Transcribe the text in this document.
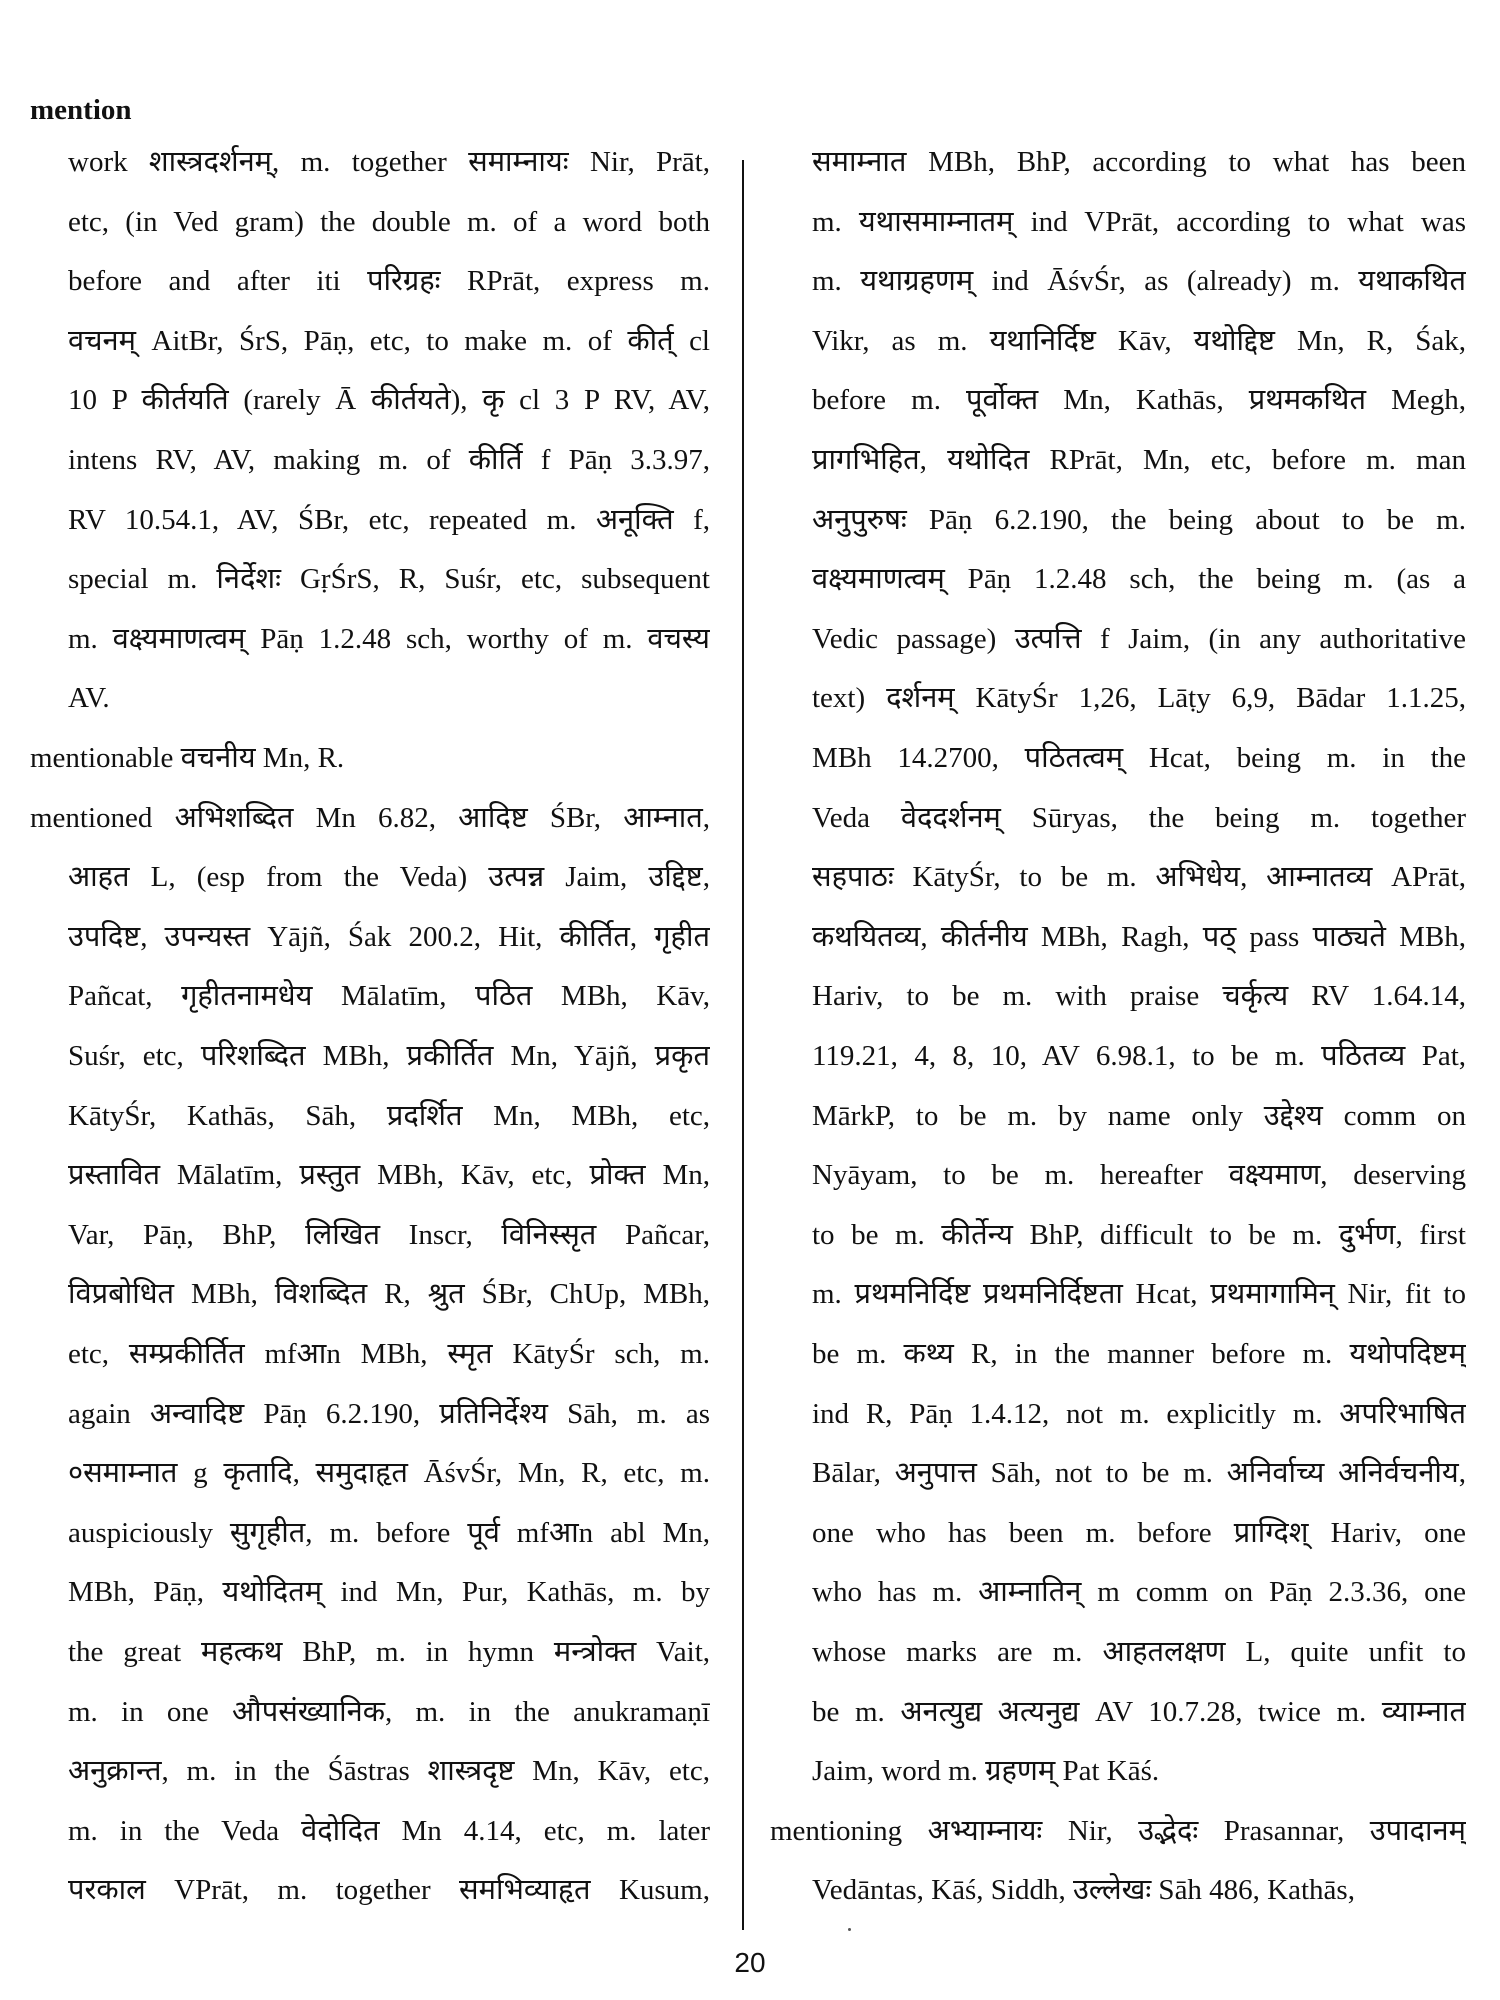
mention
work शास्त्रदर्शनम्, m. together समाम्नायः Nir, Prāt,
etc, (in Ved gram) the double m. of a word both
before and after iti परिग्रहः RPrāt, express m.
वचनम् AitBr, ŚrS, Pāṇ, etc, to make m. of कीर्त् cl
10 P कीर्तयति (rarely Ā कीर्तयते), कृ cl 3 P RV, AV,
intens RV, AV, making m. of कीर्ति f Pāṇ 3.3.97,
RV 10.54.1, AV, ŚBr, etc, repeated m. अनूक्ति f,
special m. निर्देशः GṛŚrS, R, Suśr, etc, subsequent
m. वक्ष्यमाणत्वम् Pāṇ 1.2.48 sch, worthy of m. वचस्य
AV.
mentionable वचनीय Mn, R.
mentioned अभिशब्दित Mn 6.82, आदिष्ट ŚBr, आम्नात,
आहत L, (esp from the Veda) उत्पन्न Jaim, उद्दिष्ट,
उपदिष्ट, उपन्यस्त Yājñ, Śak 200.2, Hit, कीर्तित, गृहीत
Pañcat, गृहीतनामधेय Mālatīm, पठित MBh, Kāv,
Suśr, etc, परिशब्दित MBh, प्रकीर्तित Mn, Yājñ, प्रकृत
KātyŚr, Kathās, Sāh, प्रदर्शित Mn, MBh, etc,
प्रस्तावित Mālatīm, प्रस्तुत MBh, Kāv, etc, प्रोक्त Mn,
Var, Pāṇ, BhP, लिखित Inscr, विनिस्सृत Pañcar,
विप्रबोधित MBh, विशब्दित R, श्रुत ŚBr, ChUp, MBh,
etc, सम्प्रकीर्तित mfआn MBh, स्मृत KātyŚr sch, m.
again अन्वादिष्ट Pāṇ 6.2.190, प्रतिनिर्देश्य Sāh, m. as
०समाम्नात g कृतादि, समुदाहृत ĀśvŚr, Mn, R, etc, m.
auspiciously सुगृहीत, m. before पूर्व mfआn abl Mn,
MBh, Pāṇ, यथोदितम् ind Mn, Pur, Kathās, m. by
the great महत्कथ BhP, m. in hymn मन्त्रोक्त Vait,
m. in one औपसंख्यानिक, m. in the anukramaṇī
अनुक्रान्त, m. in the Śāstras शास्त्रदृष्ट Mn, Kāv, etc,
m. in the Veda वेदोदित Mn 4.14, etc, m. later
परकाल VPrāt, m. together समभिव्याहृत Kusum,
समाम्नात MBh, BhP, according to what has been
m. यथासमाम्नातम् ind VPrāt, according to what was
m. यथाग्रहणम् ind ĀśvŚr, as (already) m. यथाकथित
Vikr, as m. यथानिर्दिष्ट Kāv, यथोद्दिष्ट Mn, R, Śak,
before m. पूर्वोक्त Mn, Kathās, प्रथमकथित Megh,
प्रागभिहित, यथोदित RPrāt, Mn, etc, before m. man
अनुपुरुषः Pāṇ 6.2.190, the being about to be m.
वक्ष्यमाणत्वम् Pāṇ 1.2.48 sch, the being m. (as a
Vedic passage) उत्पत्ति f Jaim, (in any authoritative
text) दर्शनम् KātyŚr 1,26, Lāṭy 6,9, Bādar 1.1.25,
MBh 14.2700, पठितत्वम् Hcat, being m. in the
Veda वेददर्शनम् Sūryas, the being m. together
सहपाठः KātyŚr, to be m. अभिधेय, आम्नातव्य APrāt,
कथयितव्य, कीर्तनीय MBh, Ragh, पठ् pass पाठ्यते MBh,
Hariv, to be m. with praise चर्कृत्य RV 1.64.14,
119.21, 4, 8, 10, AV 6.98.1, to be m. पठितव्य Pat,
MārkP, to be m. by name only उद्देश्य comm on
Nyāyam, to be m. hereafter वक्ष्यमाण, deserving
to be m. कीर्तेन्य BhP, difficult to be m. दुर्भण, first
m. प्रथमनिर्दिष्ट प्रथमनिर्दिष्टता Hcat, प्रथमागामिन् Nir, fit to
be m. कथ्य R, in the manner before m. यथोपदिष्टम्
ind R, Pāṇ 1.4.12, not m. explicitly m. अपरिभाषित
Bālar, अनुपात्त Sāh, not to be m. अनिर्वाच्य अनिर्वचनीय,
one who has been m. before प्राग्दिश् Hariv, one
who has m. आम्नातिन् m comm on Pāṇ 2.3.36, one
whose marks are m. आहतलक्षण L, quite unfit to
be m. अनत्युद्य अत्यनुद्य AV 10.7.28, twice m. व्याम्नात
Jaim, word m. ग्रहणम् Pat Kāś.
mentioning अभ्याम्नायः Nir, उद्भेदः Prasannar, उपादानम्
Vedāntas, Kāś, Siddh, उल्लेखः Sāh 486, Kathās,
20
